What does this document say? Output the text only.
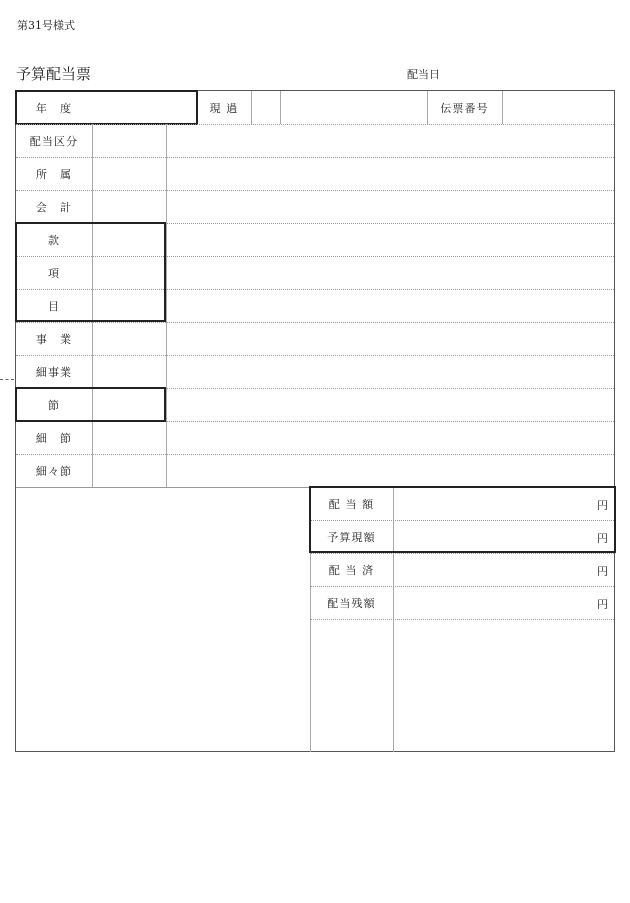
第31号様式
予算配当票	配当日
年　度	現 過	伝票番号
配当区分
所　属
会　計
款
項
目
事　業
細事業
節
細　節
細々節
配 当 額	円
予算現額	円
配 当 済	円
配当残額	円
